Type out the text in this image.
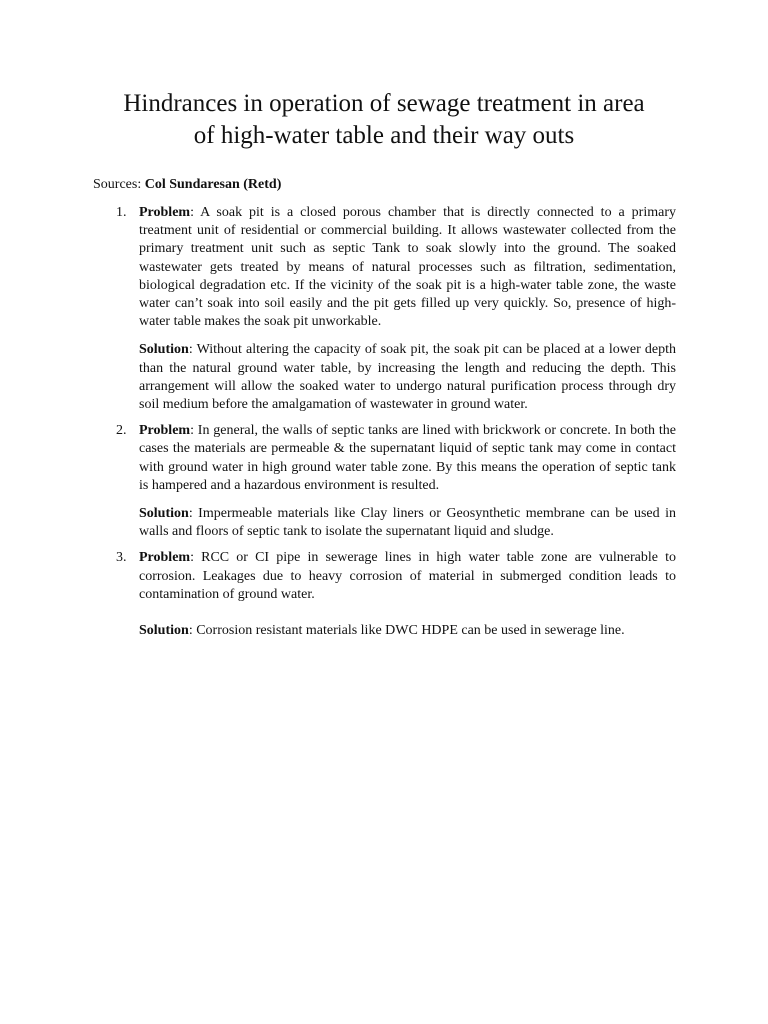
Hindrances in operation of sewage treatment in area
of high-water table and their way outs

Sources: Col Sundaresan (Retd)

1. Problem: A soak pit is a closed porous chamber that is directly connected to a primary treatment unit of residential or commercial building. It allows wastewater collected from the primary treatment unit such as septic Tank to soak slowly into the ground. The soaked wastewater gets treated by means of natural processes such as filtration, sedimentation, biological degradation etc. If the vicinity of the soak pit is a high-water table zone, the waste water can’t soak into soil easily and the pit gets filled up very quickly. So, presence of high-water table makes the soak pit unworkable.

Solution: Without altering the capacity of soak pit, the soak pit can be placed at a lower depth than the natural ground water table, by increasing the length and reducing the depth. This arrangement will allow the soaked water to undergo natural purification process through dry soil medium before the amalgamation of wastewater in ground water.

2. Problem: In general, the walls of septic tanks are lined with brickwork or concrete. In both the cases the materials are permeable & the supernatant liquid of septic tank may come in contact with ground water in high ground water table zone. By this means the operation of septic tank is hampered and a hazardous environment is resulted.

Solution: Impermeable materials like Clay liners or Geosynthetic membrane can be used in walls and floors of septic tank to isolate the supernatant liquid and sludge.

3. Problem: RCC or CI pipe in sewerage lines in high water table zone are vulnerable to corrosion. Leakages due to heavy corrosion of material in submerged condition leads to contamination of ground water.

Solution: Corrosion resistant materials like DWC HDPE can be used in sewerage line.
